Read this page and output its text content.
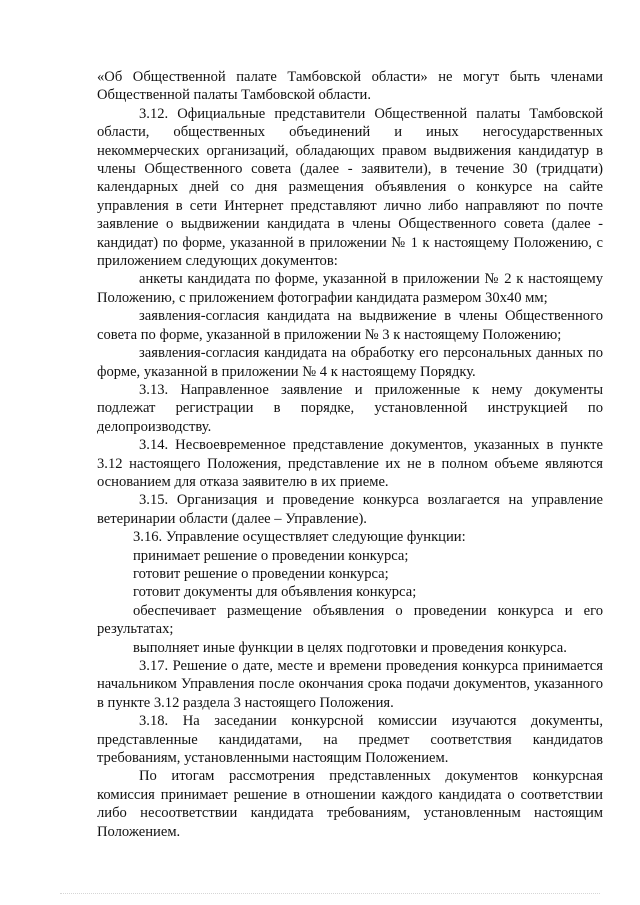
«Об Общественной палате Тамбовской области» не могут быть членами Общественной палаты Тамбовской области.

3.12. Официальные представители Общественной палаты Тамбовской области, общественных объединений и иных негосударственных некоммерческих организаций, обладающих правом выдвижения кандидатур в члены Общественного совета (далее - заявители), в течение 30 (тридцати) календарных дней со дня размещения объявления о конкурсе на сайте управления в сети Интернет представляют лично либо направляют по почте заявление о выдвижении кандидата в члены Общественного совета (далее - кандидат) по форме, указанной в приложении № 1 к настоящему Положению, с приложением следующих документов:

анкеты кандидата по форме, указанной в приложении № 2 к настоящему Положению, с приложением фотографии кандидата размером 30x40 мм;

заявления-согласия кандидата на выдвижение в члены Общественного совета по форме, указанной в приложении № 3 к настоящему Положению;

заявления-согласия кандидата на обработку его персональных данных по форме, указанной в приложении № 4 к настоящему Порядку.

3.13. Направленное заявление и приложенные к нему документы подлежат регистрации в порядке, установленной инструкцией по делопроизводству.

3.14. Несвоевременное представление документов, указанных в пункте 3.12 настоящего Положения, представление их не в полном объеме являются основанием для отказа заявителю в их приеме.

3.15. Организация и проведение конкурса возлагается на управление ветеринарии области (далее – Управление).

3.16. Управление осуществляет следующие функции:

принимает решение о проведении конкурса;

готовит решение о проведении конкурса;

готовит документы для объявления конкурса;

обеспечивает размещение объявления о проведении конкурса и его результатах;

выполняет иные функции в целях подготовки и проведения конкурса.

3.17. Решение о дате, месте и времени проведения конкурса принимается начальником Управления после окончания срока подачи документов, указанного в пункте 3.12 раздела 3 настоящего Положения.

3.18. На заседании конкурсной комиссии изучаются документы, представленные кандидатами, на предмет соответствия кандидатов требованиям, установленными настоящим Положением.

По итогам рассмотрения представленных документов конкурсная комиссия принимает решение в отношении каждого кандидата о соответствии либо несоответствии кандидата требованиям, установленным настоящим Положением.
